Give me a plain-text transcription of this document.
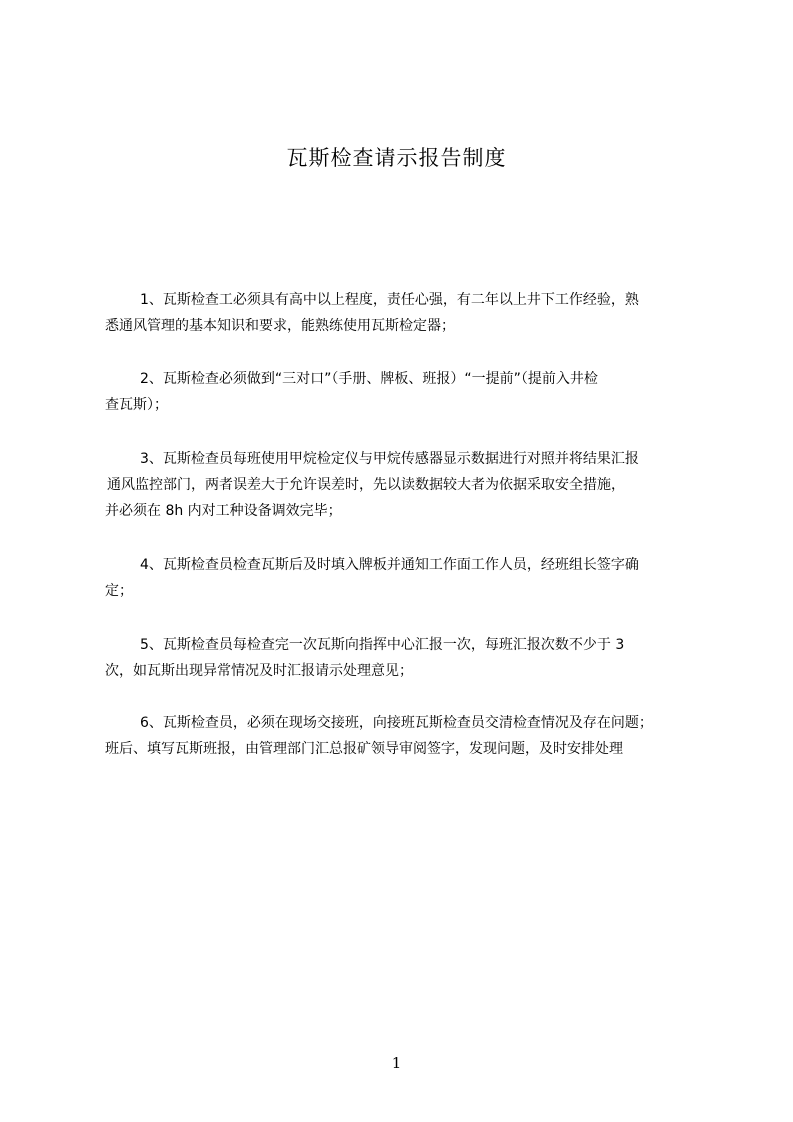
瓦斯检查请示报告制度
1、瓦斯检查工必须具有高中以上程度，责任心强，有二年以上井下工作经验，熟
悉通风管理的基本知识和要求，能熟练使用瓦斯检定器；
2、瓦斯检查必须做到“三对口”（手册、牌板、班报）“一提前”（提前入井检
查瓦斯）；
3、瓦斯检查员每班使用甲烷检定仪与甲烷传感器显示数据进行对照并将结果汇报
通风监控部门，两者误差大于允许误差时，先以读数据较大者为依据采取安全措施，
并必须在 8h 内对工种设备调效完毕；
4、瓦斯检查员检查瓦斯后及时填入牌板并通知工作面工作人员，经班组长签字确
定；
5、瓦斯检查员每检查完一次瓦斯向指挥中心汇报一次，每班汇报次数不少于 3
次，如瓦斯出现异常情况及时汇报请示处理意见；
6、瓦斯检查员，必须在现场交接班，向接班瓦斯检查员交清检查情况及存在问题；
班后、填写瓦斯班报，由管理部门汇总报矿领导审阅签字，发现问题，及时安排处理
1
